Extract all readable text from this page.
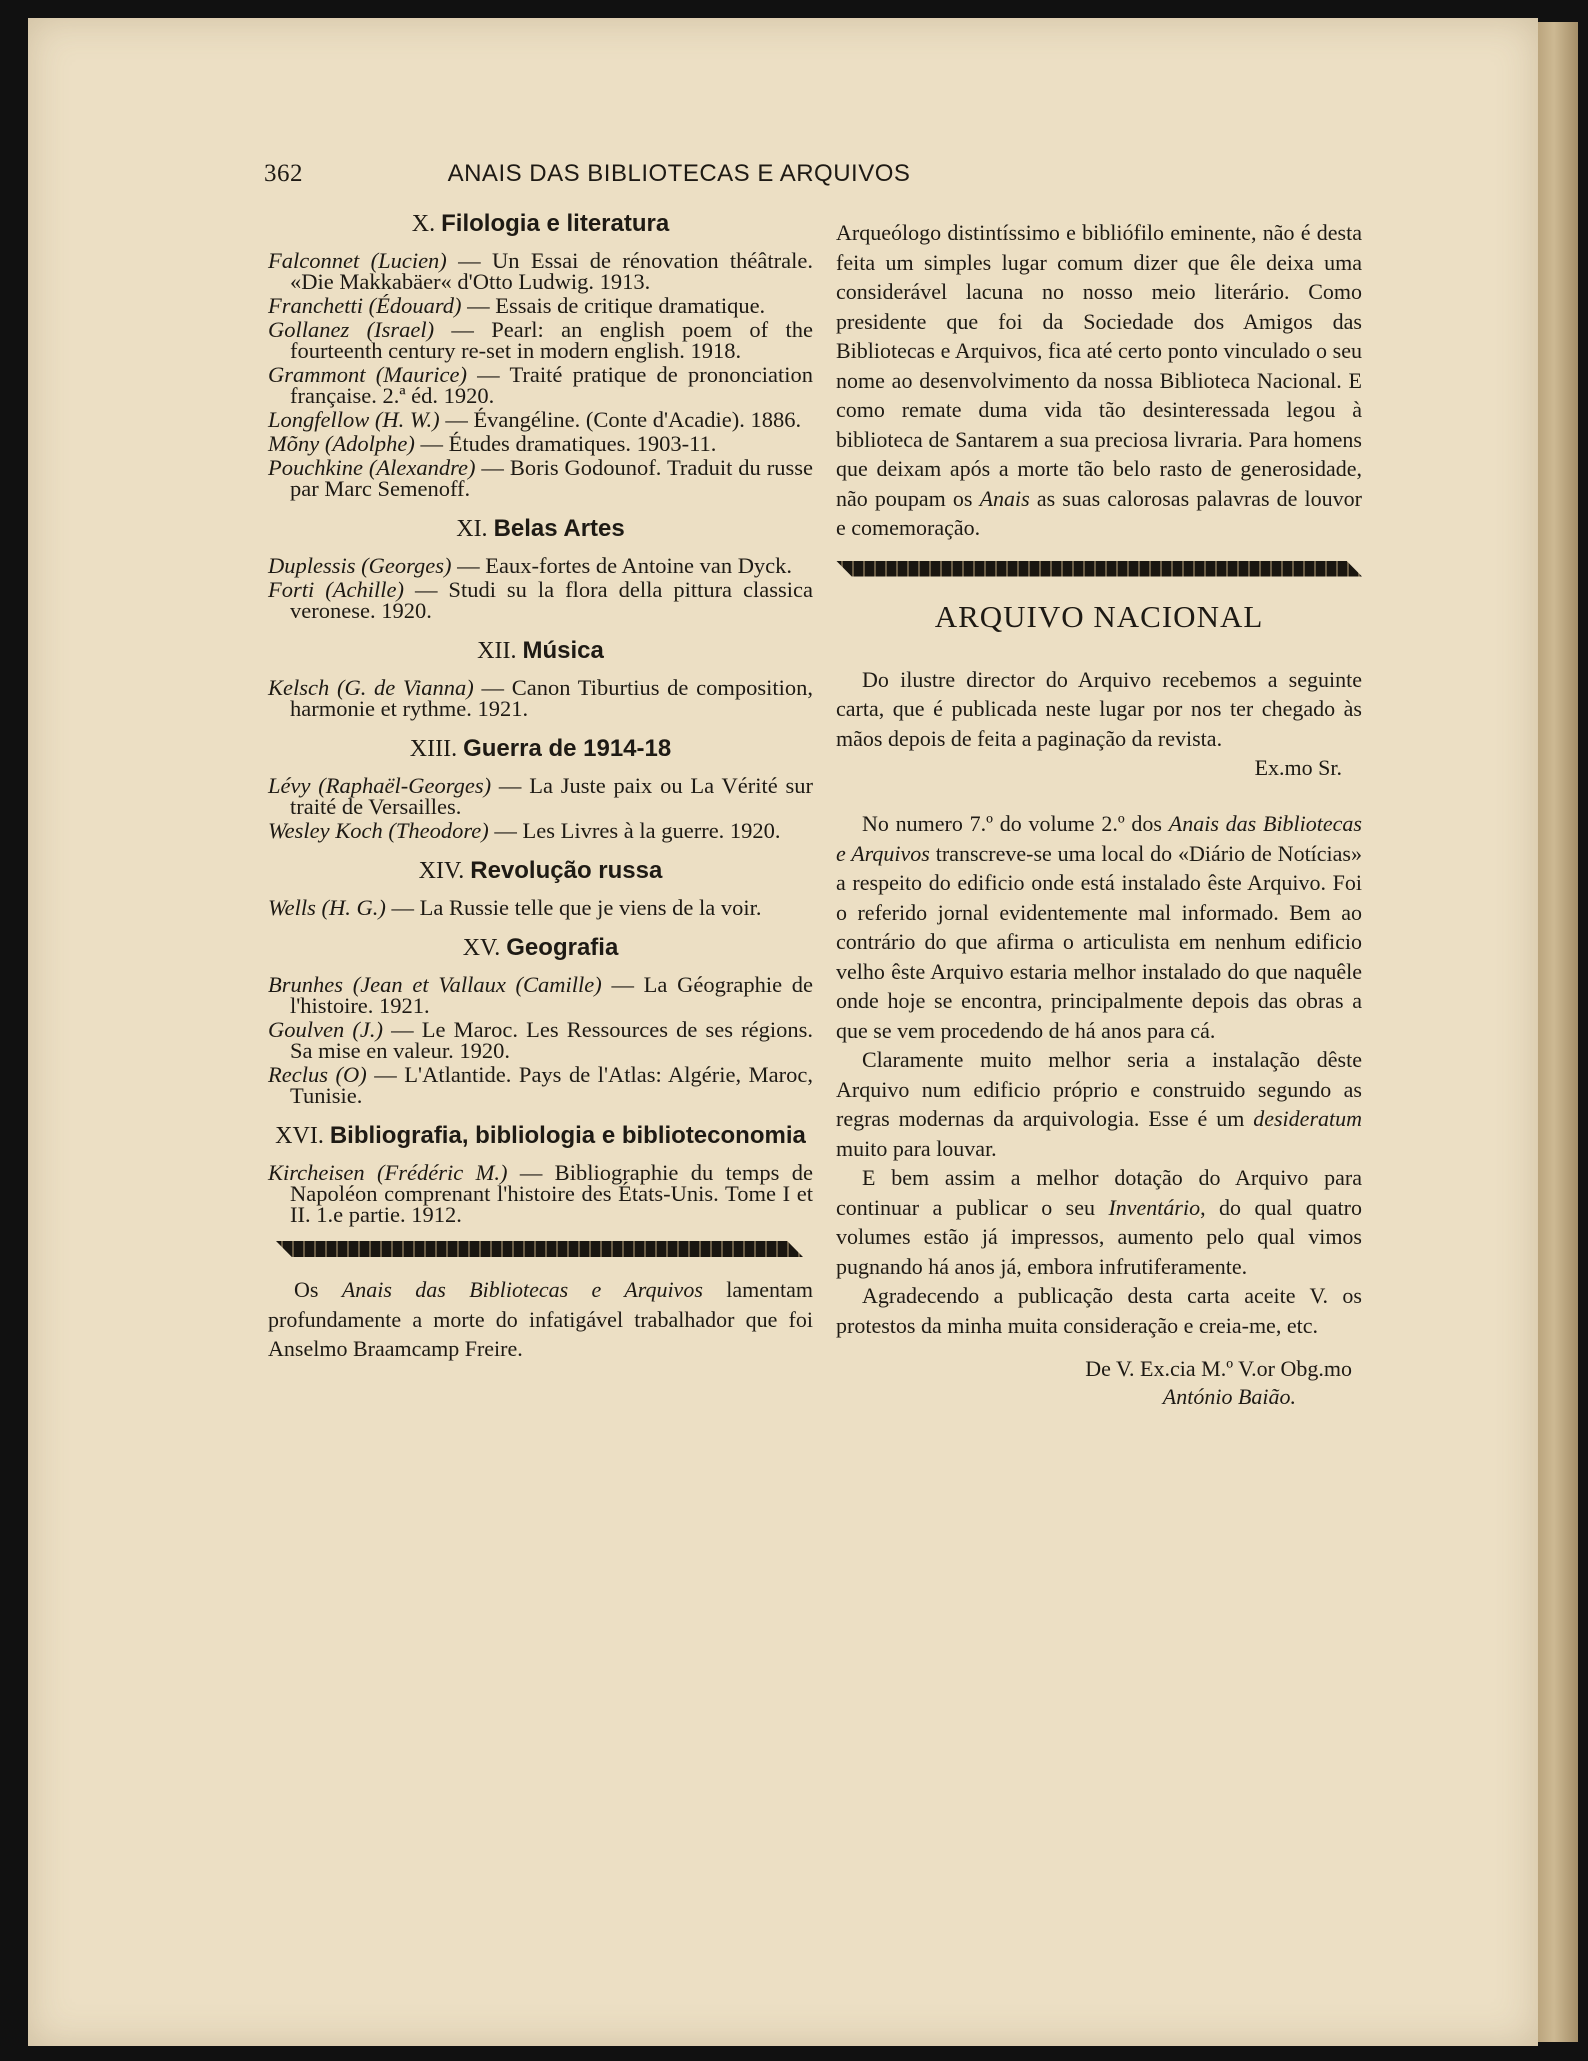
362	ANAIS DAS BIBLIOTECAS E ARQUIVOS
X. Filologia e literatura

Falconnet (Lucien) — Un Essai de rénovation théâtrale. «Die Makkabäer« d'Otto Ludwig. 1913.

Franchetti (Édouard) — Essais de critique dramatique.

Gollanez (Israel) — Pearl: an english poem of the fourteenth century re-set in modern english. 1918.

Grammont (Maurice) — Traité pratique de prononciation française. 2.ª éd. 1920.

Longfellow (H. W.) — Évangéline. (Conte d'Acadie). 1886.

Mõny (Adolphe) — Études dramatiques. 1903-11.

Pouchkine (Alexandre) — Boris Godounof. Traduit du russe par Marc Semenoff.

XI. Belas Artes

Duplessis (Georges) — Eaux-fortes de Antoine van Dyck.

Forti (Achille) — Studi su la flora della pittura classica veronese. 1920.

XII. Música

Kelsch (G. de Vianna) — Canon Tiburtius de composition, harmonie et rythme. 1921.

XIII. Guerra de 1914-18

Lévy (Raphaël-Georges) — La Juste paix ou La Vérité sur traité de Versailles.

Wesley Koch (Theodore) — Les Livres à la guerre. 1920.

XIV. Revolução russa

Wells (H. G.) — La Russie telle que je viens de la voir.

XV. Geografia

Brunhes (Jean et Vallaux (Camille) — La Géographie de l'histoire. 1921.

Goulven (J.) — Le Maroc. Les Ressources de ses régions. Sa mise en valeur. 1920.

Reclus (O) — L'Atlantide. Pays de l'Atlas: Algérie, Maroc, Tunisie.

XVI. Bibliografia, bibliologia e biblioteconomia

Kircheisen (Frédéric M.) — Bibliographie du temps de Napoléon comprenant l'histoire des États-Unis. Tome I et II. 1.e partie. 1912.

Os Anais das Bibliotecas e Arquivos lamentam profundamente a morte do infatigável trabalhador que foi Anselmo Braamcamp Freire.

Arqueólogo distintíssimo e bibliófilo eminente, não é desta feita um simples lugar comum dizer que êle deixa uma considerável lacuna no nosso meio literário. Como presidente que foi da Sociedade dos Amigos das Bibliotecas e Arquivos, fica até certo ponto vinculado o seu nome ao desenvolvimento da nossa Biblioteca Nacional. E como remate duma vida tão desinteressada legou à biblioteca de Santarem a sua preciosa livraria. Para homens que deixam após a morte tão belo rasto de generosidade, não poupam os Anais as suas calorosas palavras de louvor e comemoração.

ARQUIVO NACIONAL

Do ilustre director do Arquivo recebemos a seguinte carta, que é publicada neste lugar por nos ter chegado às mãos depois de feita a paginação da revista.

Ex.mo Sr.

No numero 7.º do volume 2.º dos Anais das Bibliotecas e Arquivos transcreve-se uma local do «Diário de Notícias» a respeito do edificio onde está instalado êste Arquivo. Foi o referido jornal evidentemente mal informado. Bem ao contrário do que afirma o articulista em nenhum edificio velho êste Arquivo estaria melhor instalado do que naquêle onde hoje se encontra, principalmente depois das obras a que se vem procedendo de há anos para cá.

Claramente muito melhor seria a instalação dêste Arquivo num edificio próprio e construido segundo as regras modernas da arquivologia. Esse é um desideratum muito para louvar.

E bem assim a melhor dotação do Arquivo para continuar a publicar o seu Inventário, do qual quatro volumes estão já impressos, aumento pelo qual vimos pugnando há anos já, embora infrutiferamente.

Agradecendo a publicação desta carta aceite V. os protestos da minha muita consideração e creia-me, etc.

De V. Ex.cia M.º V.or Obg.mo
António Baião.
